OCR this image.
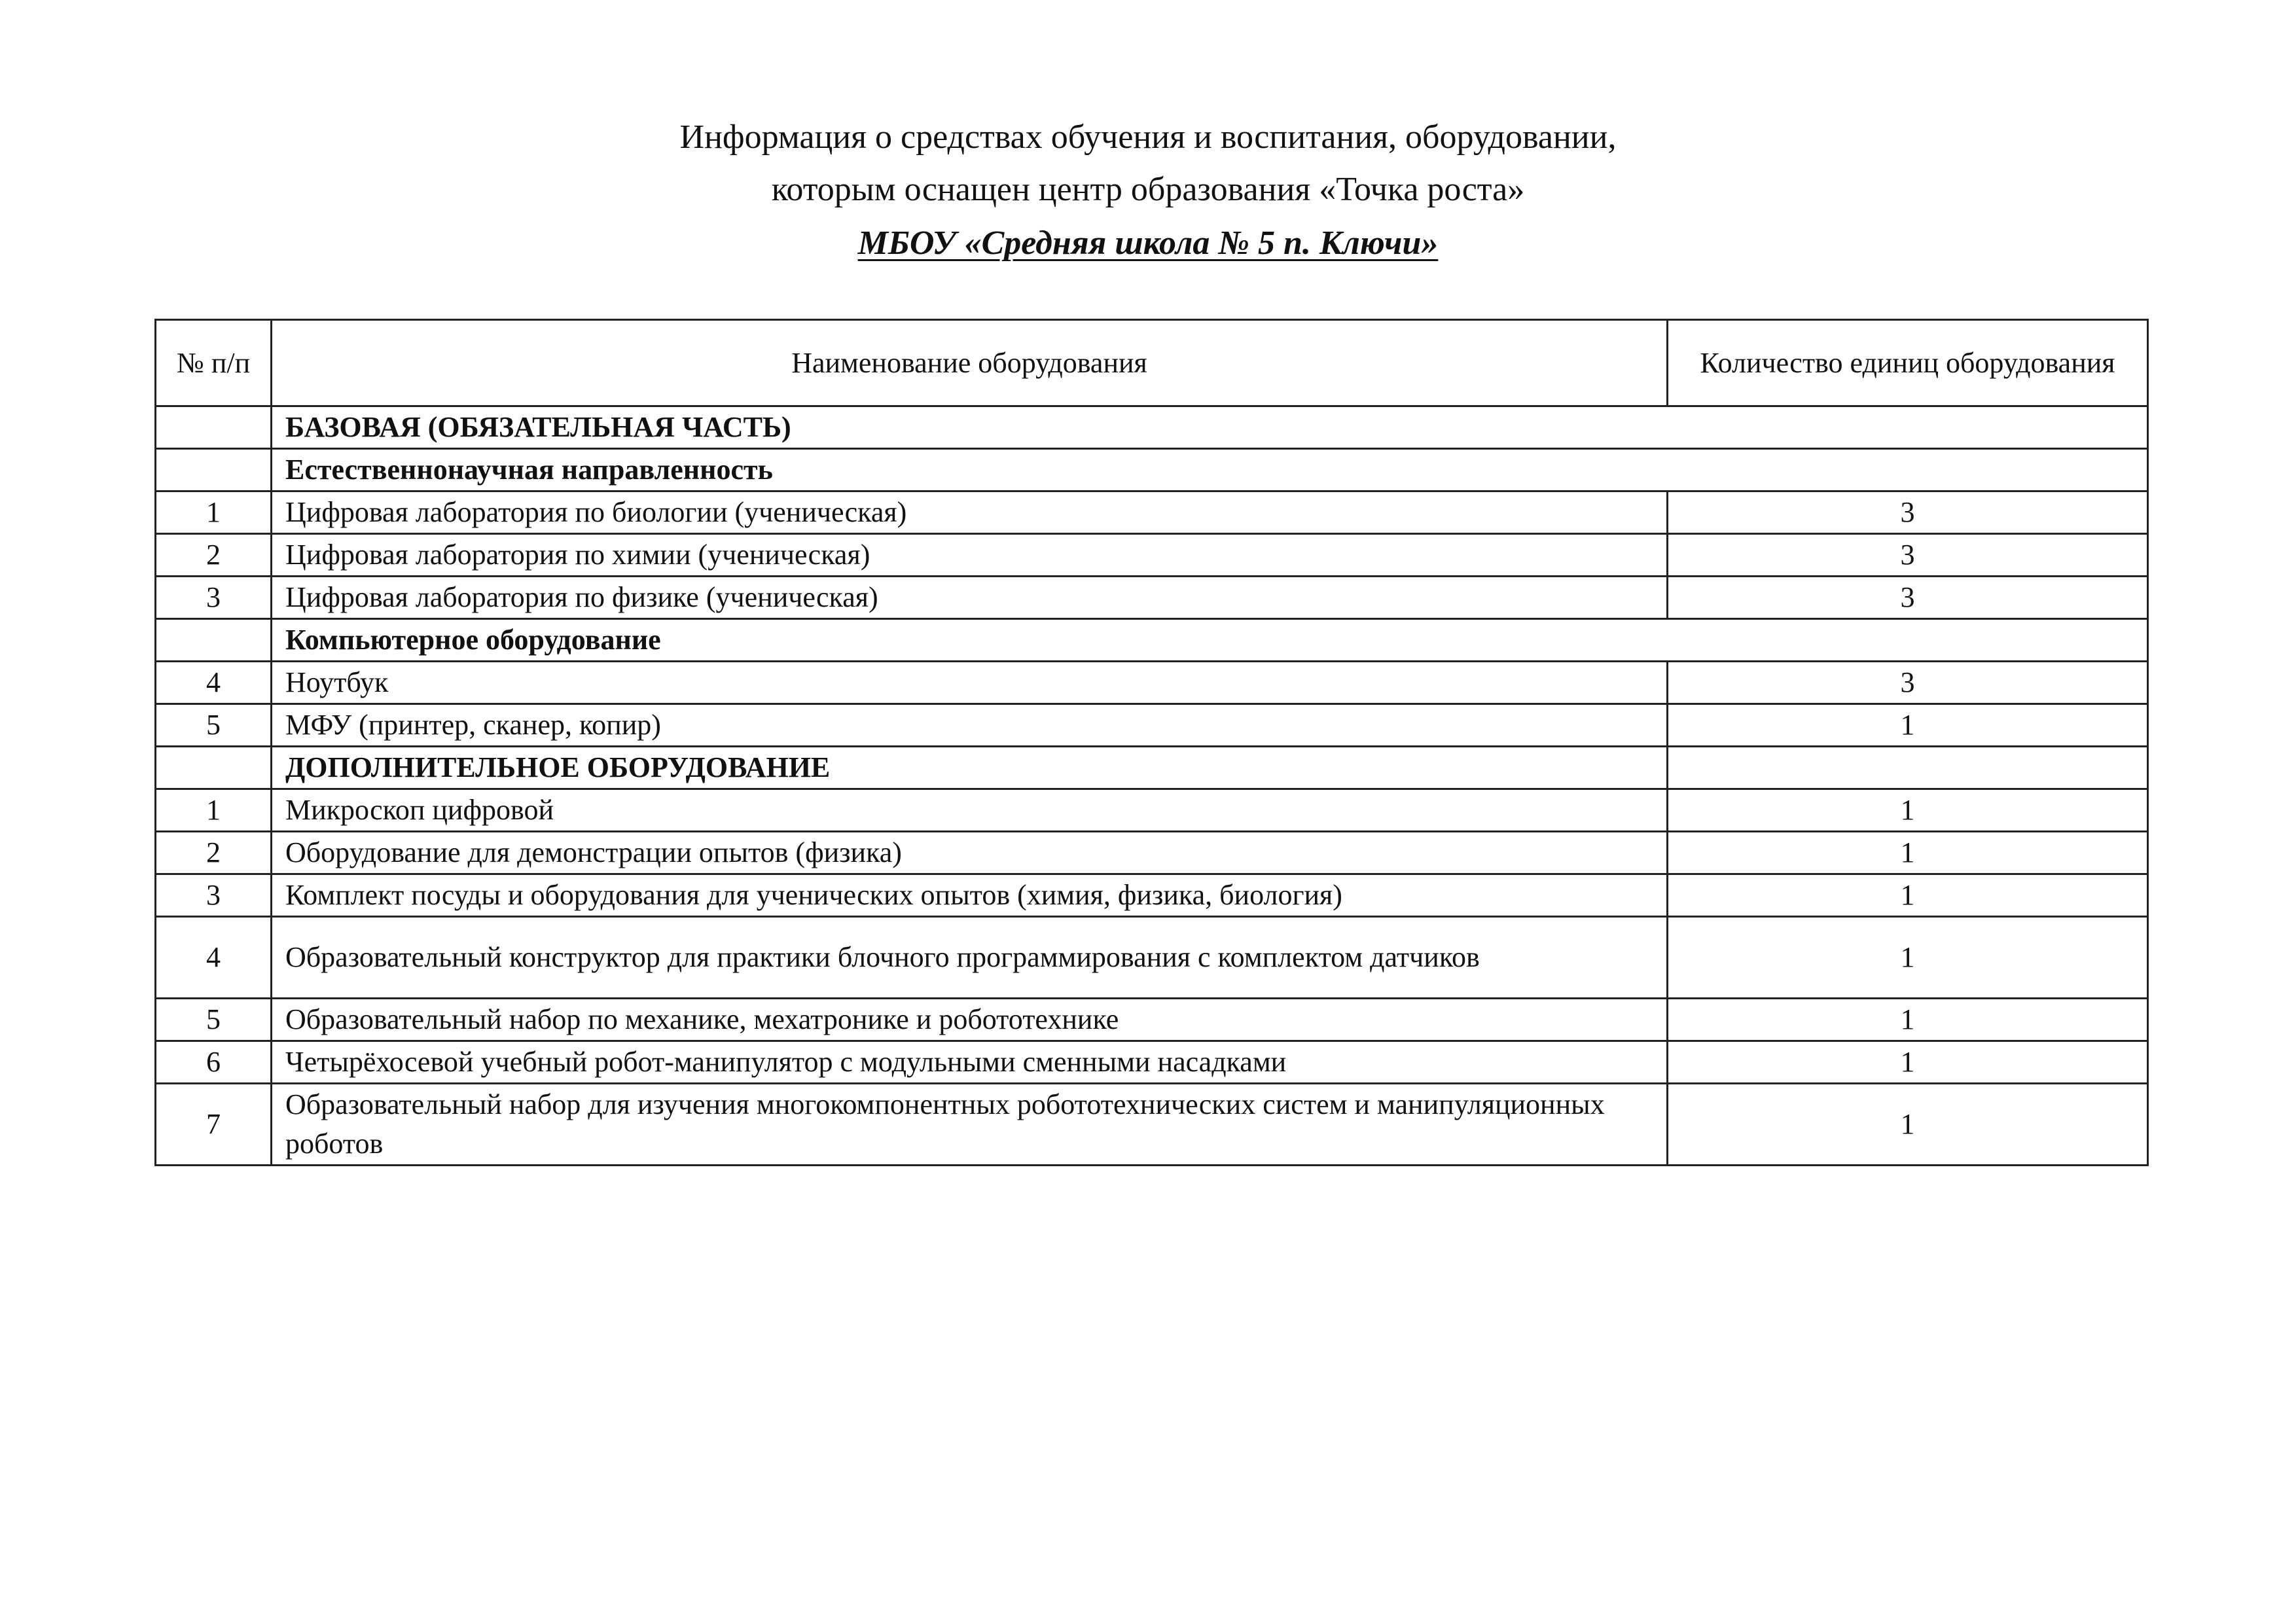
Информация о средствах обучения и воспитания, оборудовании,
которым оснащен центр образования «Точка роста»
МБОУ «Средняя школа № 5 п. Ключи»
№ п/п	Наименование оборудования	Количество единиц оборудования
	БАЗОВАЯ (ОБЯЗАТЕЛЬНАЯ ЧАСТЬ)	
	Естественнонаучная направленность	
1	Цифровая лаборатория по биологии (ученическая)	3
2	Цифровая лаборатория по химии (ученическая)	3
3	Цифровая лаборатория по физике (ученическая)	3
	Компьютерное оборудование	
4	Ноутбук	3
5	МФУ (принтер, сканер, копир)	1
	ДОПОЛНИТЕЛЬНОЕ ОБОРУДОВАНИЕ	
1	Микроскоп цифровой	1
2	Оборудование для демонстрации опытов (физика)	1
3	Комплект посуды и оборудования для ученических опытов (химия, физика, биология)	1
4	Образовательный конструктор для практики блочного программирования с комплектом датчиков	1
5	Образовательный набор по механике, мехатронике и робототехнике	1
6	Четырёхосевой учебный робот-манипулятор с модульными сменными насадками	1
7	Образовательный набор для изучения многокомпонентных робототехнических систем и манипуляционных роботов	1
